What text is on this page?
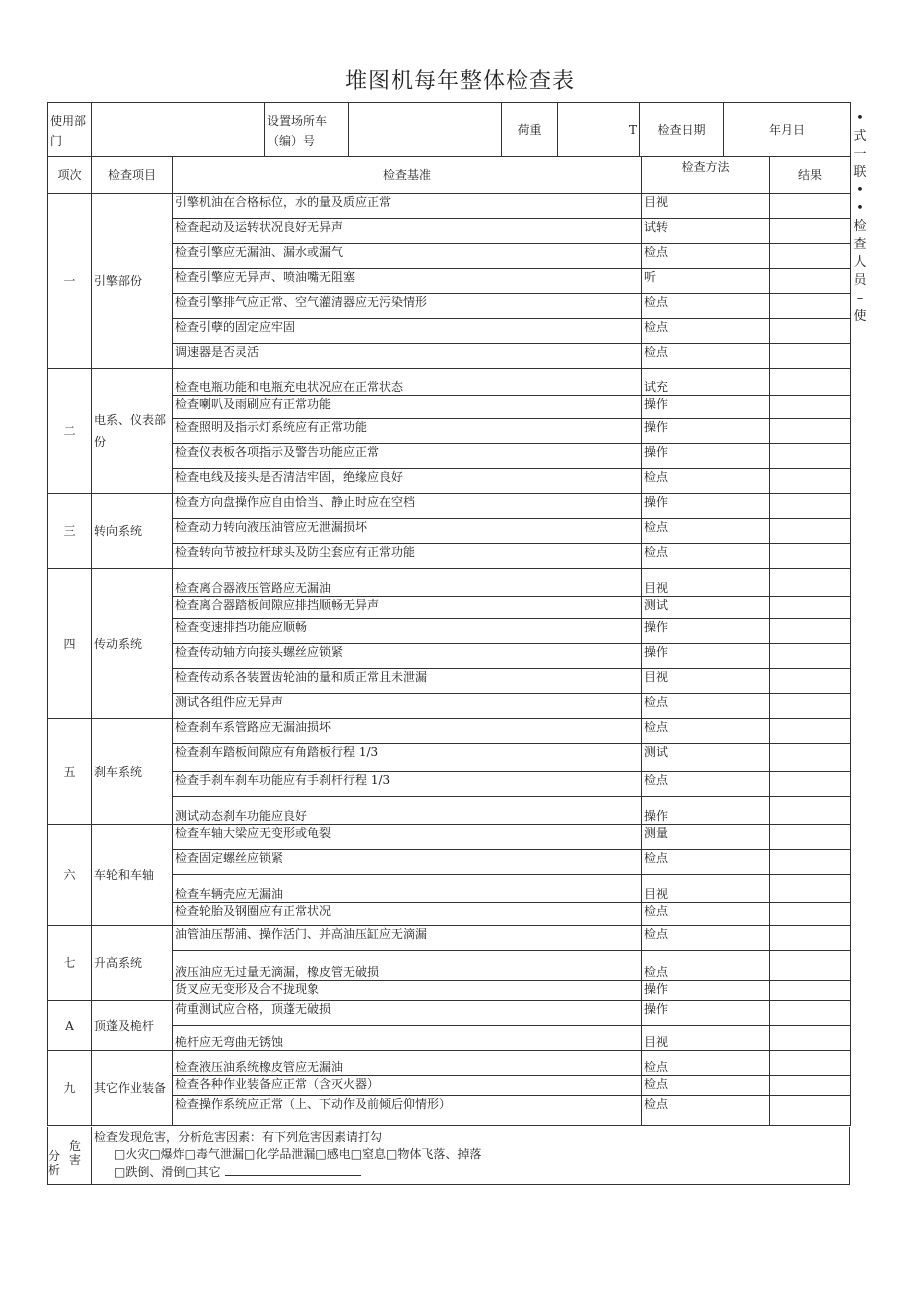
堆图机每年整体检查表
使用部门		设置场所车（编）号		荷重	T	检查日期	年月日
项次	检查项目	检查基准	检查方法	结果
一	引擎部份	引擎机油在合格标位，水的量及质应正常	目视	
		检查起动及运转状况良好无异声	试转	
		检查引擎应无漏油、漏水或漏气	检点	
		检查引擎应无异声、喷油嘴无阻塞	听	
		检查引擎排气应正常、空气灌清器应无污染情形	检点	
		检查引孽的固定应牢固	检点	
		调速器是否灵活	检点	
二	电系、仪表部份	检查电瓶功能和电瓶充电状况应在正常状态	试充	
		检查喇叭及雨刷应有正常功能	操作	
		检查照明及指示灯系统应有正常功能	操作	
		检查仪表板各项指示及警告功能应正常	操作	
		检查电线及接头是否清洁牢固，绝缘应良好	检点	
三	转向系统	检查方向盘操作应自由恰当、静止时应在空档	操作	
		检查动力转向液压油管应无泄漏损坏	检点	
		检查转向节被拉杆球头及防尘套应有正常功能	检点	
四	传动系统	检查离合器液压管路应无漏油	目视	
		检查离合器踏板间隙应排挡顺畅无异声	测试	
		检查变速排挡功能应顺畅	操作	
		检查传动轴方向接头螺丝应锁紧	操作	
		检查传动系各装置齿轮油的量和质正常且未泄漏	目视	
		测试各组件应无异声	检点	
五	刹车系统	检查刹车系管路应无漏油损坏	检点	
		检查刹车踏板间隙应有角踏板行程 1/3	测试	
		检查手刹车刹车功能应有手刹杆行程 1/3	检点	
		测试动态刹车功能应良好	操作	
六	车轮和车轴	检查车轴大梁应无变形或龟裂	测量	
		检查固定螺丝应锁紧	检点	
		检查车辆壳应无漏油	目视	
		检查轮胎及钢圈应有正常状况	检点	
七	升高系统	油管油压帮浦、操作活门、并高油压缸应无滴漏	检点	
		液压油应无过量无滴漏，橡皮管无破损	检点	
		货叉应无变形及合不拢现象	操作	
A	顶蓬及桅杆	荷重测试应合格，顶蓬无破损	操作	
		桅杆应无弯曲无锈蚀	目视	
九	其它作业装备	检查液压油系统橡皮管应无漏油	检点	
		检查各种作业装备应正常（含灭火器）	检点	
		检查操作系统应正常（上、下动作及前倾后仰情形）	检点	
危害
分析
检查发现危害，分析危害因素：有下列危害因素请打勾
□火灾□爆炸□毒气泄漏□化学品泄漏□感电□窒息□物体飞落、掉落
□跌倒、滑倒□其它
•
式
一
联
•
•
检
查
人
员
–
使
